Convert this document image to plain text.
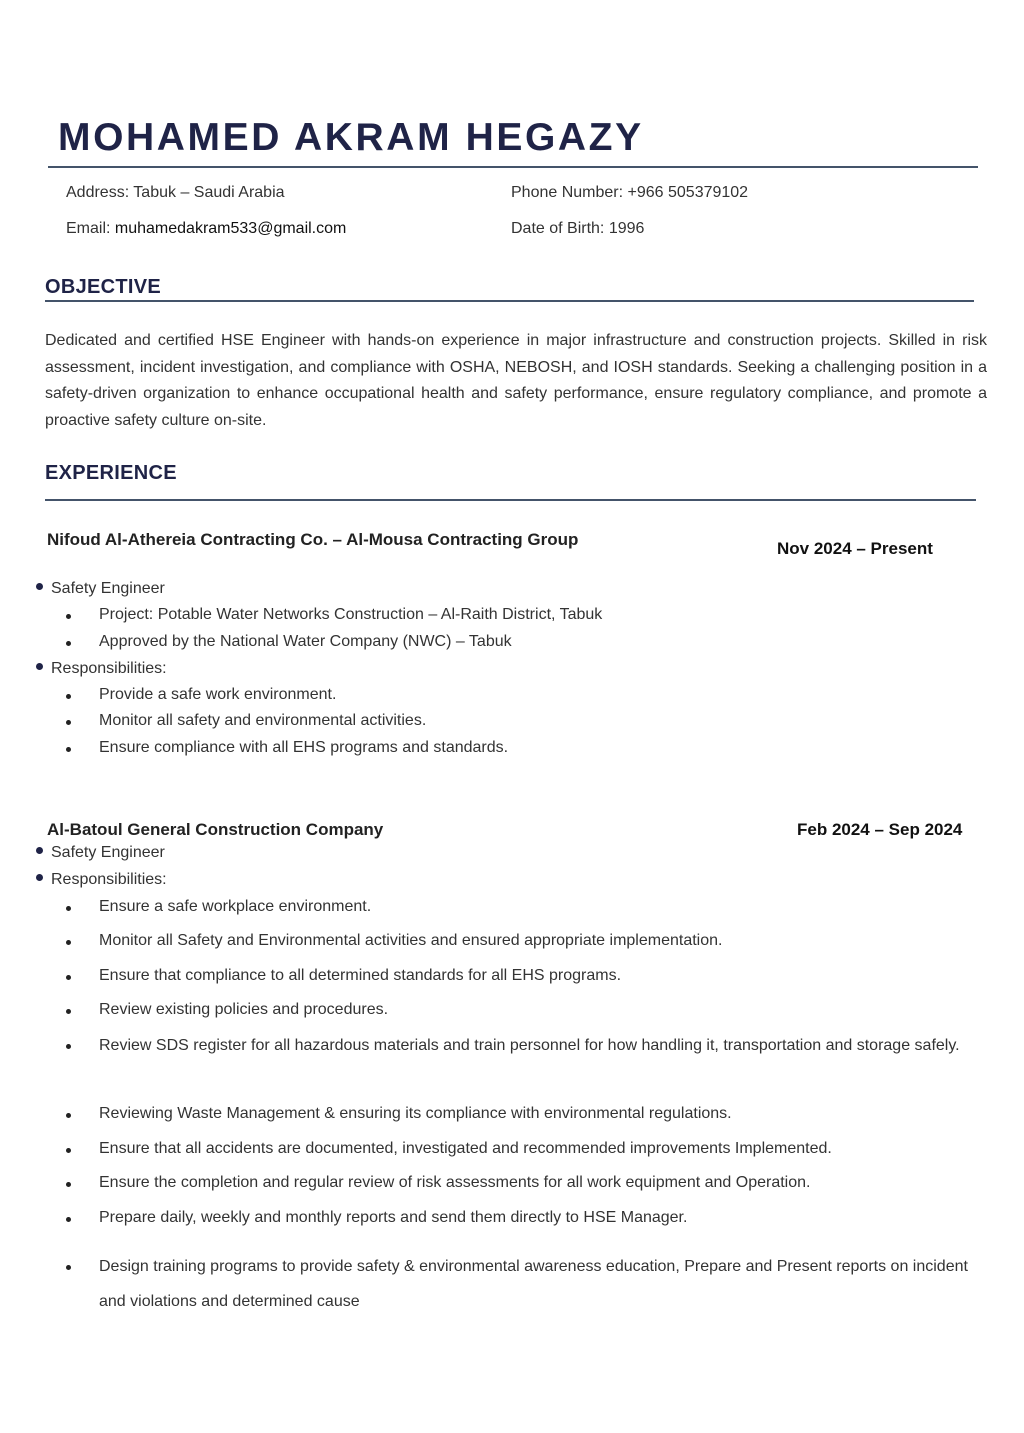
MOHAMED AKRAM HEGAZY
Address: Tabuk – Saudi Arabia	Phone Number: +966 505379102
Email: muhamedakram533@gmail.com	Date of Birth: 1996
OBJECTIVE

Dedicated and certified HSE Engineer with hands-on experience in major infrastructure and construction projects. Skilled in risk assessment, incident investigation, and compliance with OSHA, NEBOSH, and IOSH standards. Seeking a challenging position in a safety-driven organization to enhance occupational health and safety performance, ensure regulatory compliance, and promote a proactive safety culture on-site.

EXPERIENCE
Nifoud Al-Athereia Contracting Co. – Al-Mousa Contracting Group	Nov 2024 – Present
Safety Engineer
Project: Potable Water Networks Construction – Al-Raith District, Tabuk
Approved by the National Water Company (NWC) – Tabuk
Responsibilities:
Provide a safe work environment.
Monitor all safety and environmental activities.
Ensure compliance with all EHS programs and standards.
Al-Batoul General Construction Company	Feb 2024 – Sep 2024
Safety Engineer
Responsibilities:
Ensure a safe workplace environment.
Monitor all Safety and Environmental activities and ensured appropriate implementation.
Ensure that compliance to all determined standards for all EHS programs.
Review existing policies and procedures.
Review SDS register for all hazardous materials and train personnel for how handling it, transportation and storage safely.
Reviewing Waste Management & ensuring its compliance with environmental regulations.
Ensure that all accidents are documented, investigated and recommended improvements Implemented.
Ensure the completion and regular review of risk assessments for all work equipment and Operation.
Prepare daily, weekly and monthly reports and send them directly to HSE Manager.
Design training programs to provide safety & environmental awareness education, Prepare and Present reports on incident and violations and determined cause
